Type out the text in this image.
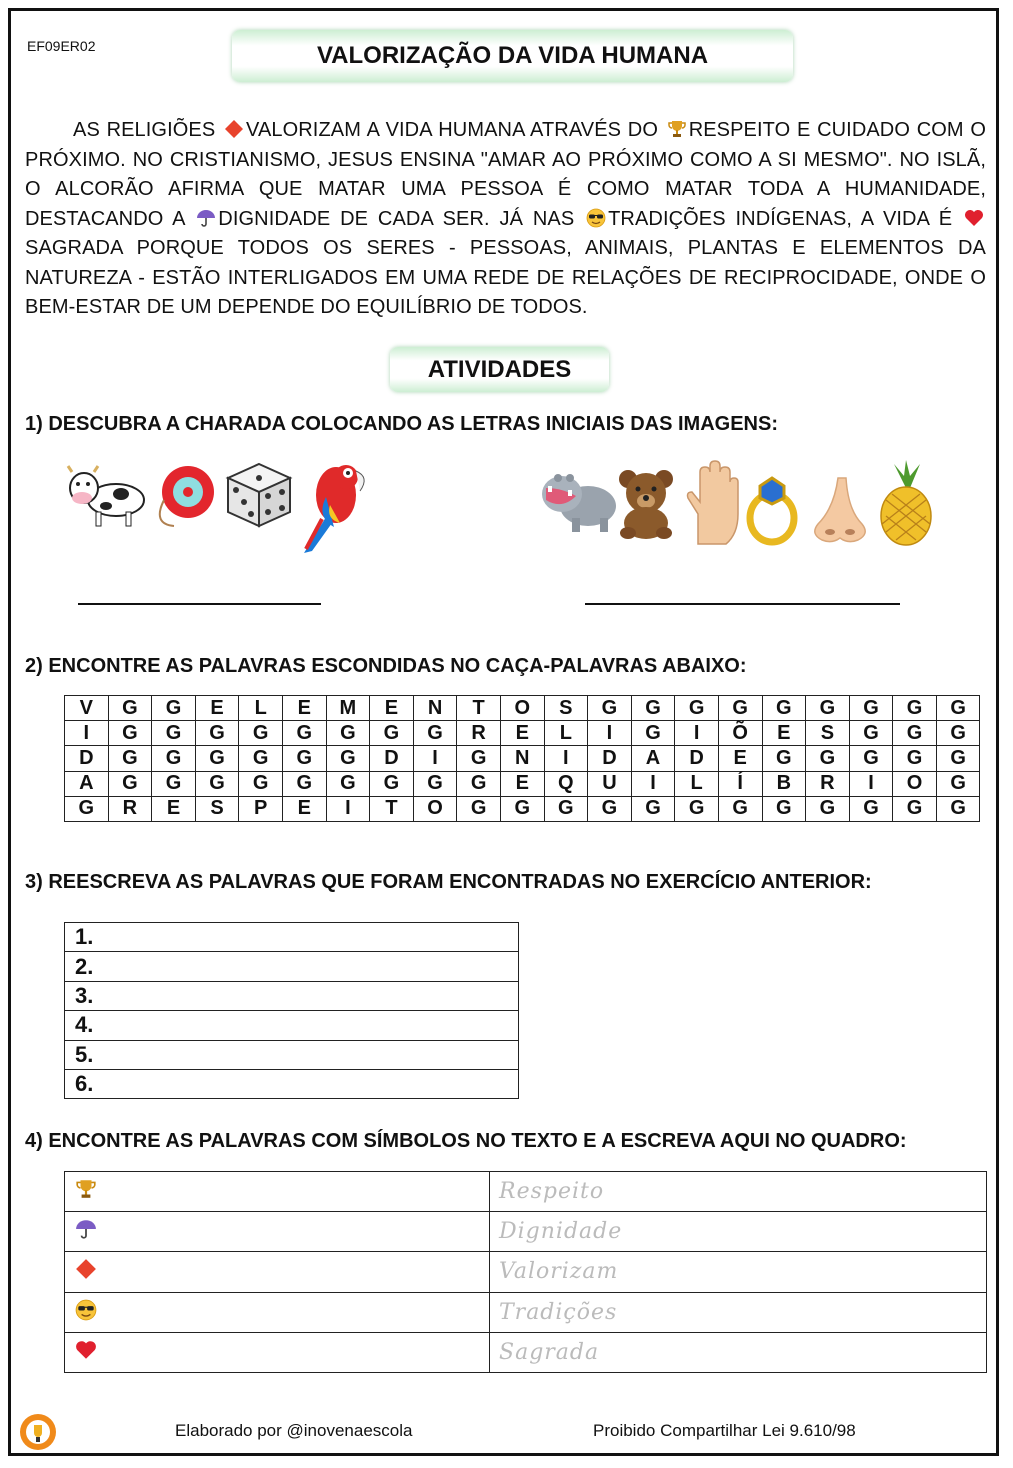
EF09ER02	VALORIZAÇÃO DA VIDA HUMANA
AS RELIGIÕES VALORIZAM A VIDA HUMANA ATRAVÉS DO RESPEITO E CUIDADO COM O PRÓXIMO. NO CRISTIANISMO, JESUS ENSINA "AMAR AO PRÓXIMO COMO A SI MESMO". NO ISLÃ, O ALCORÃO AFIRMA QUE MATAR UMA PESSOA É COMO MATAR TODA A HUMANIDADE, DESTACANDO A DIGNIDADE DE CADA SER. JÁ NAS TRADIÇÕES INDÍGENAS, A VIDA É SAGRADA PORQUE TODOS OS SERES - PESSOAS, ANIMAIS, PLANTAS E ELEMENTOS DA NATUREZA - ESTÃO INTERLIGADOS EM UMA REDE DE RELAÇÕES DE RECIPROCIDADE, ONDE O BEM-ESTAR DE UM DEPENDE DO EQUILÍBRIO DE TODOS.
ATIVIDADES
1) DESCUBRA A CHARADA COLOCANDO AS LETRAS INICIAIS DAS IMAGENS:
2) ENCONTRE AS PALAVRAS ESCONDIDAS NO CAÇA-PALAVRAS ABAIXO:
V	G	G	E	L	E	M	E	N	T	O	S	G	G	G	G	G	G	G	G	G
I	G	G	G	G	G	G	G	G	R	E	L	I	G	I	Õ	E	S	G	G	G
D	G	G	G	G	G	G	D	I	G	N	I	D	A	D	E	G	G	G	G	G
A	G	G	G	G	G	G	G	G	G	E	Q	U	I	L	Í	B	R	I	O	G
G	R	E	S	P	E	I	T	O	G	G	G	G	G	G	G	G	G	G	G	G
3) REESCREVA AS PALAVRAS QUE FORAM ENCONTRADAS NO EXERCÍCIO ANTERIOR:
1.
2.
3.
4.
5.
6.
4) ENCONTRE AS PALAVRAS COM SÍMBOLOS NO TEXTO E A ESCREVA AQUI NO QUADRO:
	Respeito
	Dignidade
	Valorizam
	Tradições
	Sagrada
Elaborado por @inovenaescola	Proibido Compartilhar Lei 9.610/98
